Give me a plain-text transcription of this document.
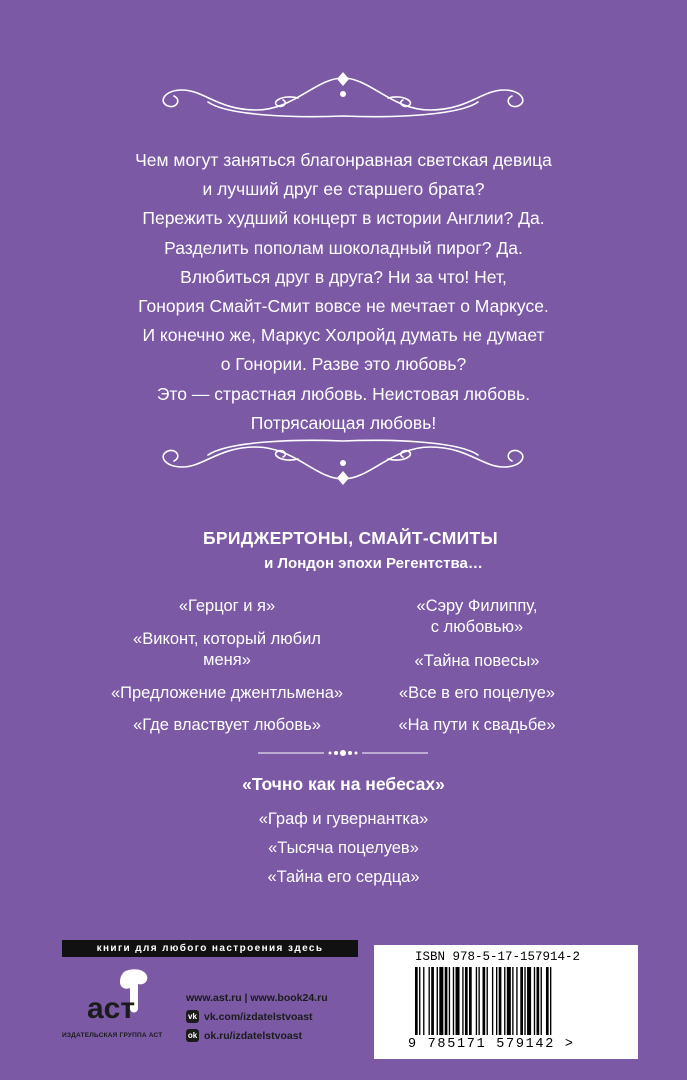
Чем могут заняться благонравная светская девица
и лучший друг ее старшего брата?
Пережить худший концерт в истории Англии? Да.
Разделить пополам шоколадный пирог? Да.
Влюбиться друг в друга? Ни за что! Нет,
Гонория Смайт-Смит вовсе не мечтает о Маркусе.
И конечно же, Маркус Холройд думать не думает
о Гонории. Разве это любовь?
Это — страстная любовь. Неистовая любовь.
Потрясающая любовь!
БРИДЖЕРТОНЫ, СМАЙТ-СМИТЫ
и Лондон эпохи Регентства…
«Герцог и я»
«Виконт, который любил
меня»
«Предложение джентльмена»
«Где властвует любовь»
«Сэру Филиппу,
с любовью»
«Тайна повесы»
«Все в его поцелуе»
«На пути к свадьбе»
«Точно как на небесах»
«Граф и гувернантка»
«Тысяча поцелуев»
«Тайна его сердца»
книги для любого настроения здесь
аст
ИЗДАТЕЛЬСКАЯ ГРУППА АСТ
www.ast.ru | www.book24.ru
vk vk.com/izdatelstvoast
ok ok.ru/izdatelstvoast
ISBN 978-5-17-157914-2
9 785171 579142 >
